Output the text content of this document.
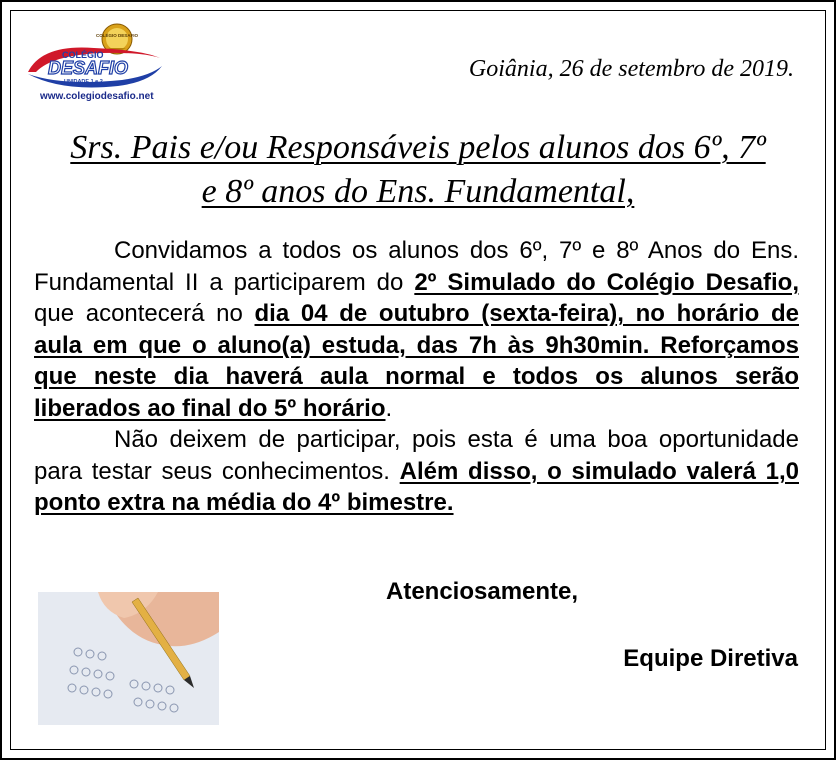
COLÉGIO DESAFIO
COLÉGIO
DESAFIO
UNIDADE 1 e 2
www.colegiodesafio.net
Goiânia, 26 de setembro de 2019.
Srs. Pais e/ou Responsáveis pelos alunos dos 6º, 7º
e 8º anos do Ens. Fundamental,

Convidamos a todos os alunos dos 6º, 7º e 8º Anos do Ens. Fundamental II a participarem do 2º Simulado do Colégio Desafio, que acontecerá no dia 04 de outubro (sexta-feira), no horário de aula em que o aluno(a) estuda, das 7h às 9h30min. Reforçamos que neste dia haverá aula normal e todos os alunos serão liberados ao final do 5º horário.

Não deixem de participar, pois esta é uma boa oportunidade para testar seus conhecimentos. Além disso, o simulado valerá 1,0 ponto extra na média do 4º bimestre.

Atenciosamente,
Equipe Diretiva
